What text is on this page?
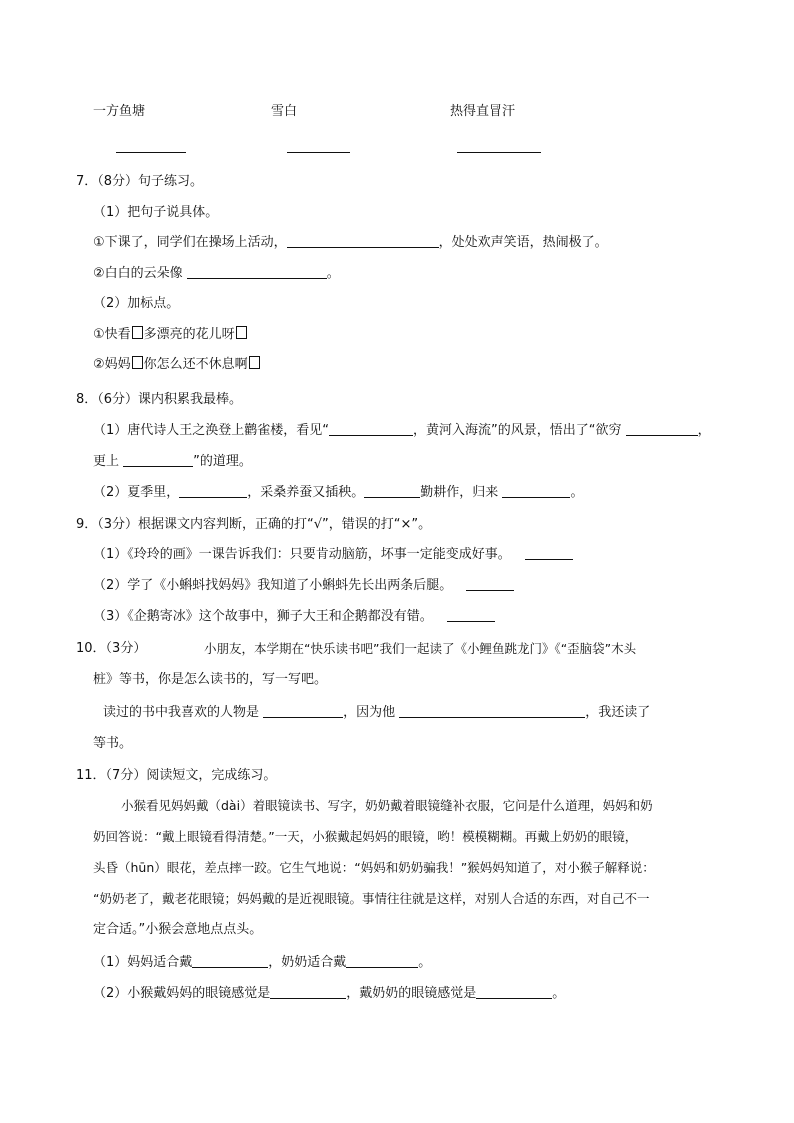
一方鱼塘	雪白	热得直冒汗
7．（8分）句子练习。
（1）把句子说具体。
①下课了，同学们在操场上活动，	，处处欢声笑语，热闹极了。
②白白的云朵像	。
（2）加标点。
①快看 多漂亮的花儿呀
②妈妈 你怎么还不休息啊
8．（6分）课内积累我最棒。
（1）唐代诗人王之涣登上鹳雀楼，看见“	，黄河入海流”的风景，悟出了“欲穷	，
更上	”的道理。
（2）夏季里，	，采桑养蚕又插秧。	勤耕作，归来	。
9．（3分）根据课文内容判断，正确的打“√”，错误的打“×”。
（1）《玲玲的画》一课告诉我们：只要肯动脑筋，坏事一定能变成好事。
（2）学了《小蝌蚪找妈妈》我知道了小蝌蚪先长出两条后腿。
（3）《企鹅寄冰》这个故事中，狮子大王和企鹅都没有错。
10．（3分）	小朋友，本学期在“快乐读书吧”我们一起读了《小鲤鱼跳龙门》《“歪脑袋”木头
桩》等书，你是怎么读书的，写一写吧。
读过的书中我喜欢的人物是	，因为他	，我还读了
等书。
11．（7分）阅读短文，完成练习。
小猴看见妈妈戴（dài）着眼镜读书、写字，奶奶戴着眼镜缝补衣服，它问是什么道理，妈妈和奶
奶回答说：“戴上眼镜看得清楚。”一天，小猴戴起妈妈的眼镜，哟！模模糊糊。再戴上奶奶的眼镜，
头昏（hūn）眼花，差点摔一跤。它生气地说：“妈妈和奶奶骗我！”猴妈妈知道了，对小猴子解释说：
“奶奶老了，戴老花眼镜；妈妈戴的是近视眼镜。事情往往就是这样，对别人合适的东西，对自己不一
定合适。”小猴会意地点点头。
（1）妈妈适合戴	，奶奶适合戴	。
（2）小猴戴妈妈的眼镜感觉是	，戴奶奶的眼镜感觉是	。
